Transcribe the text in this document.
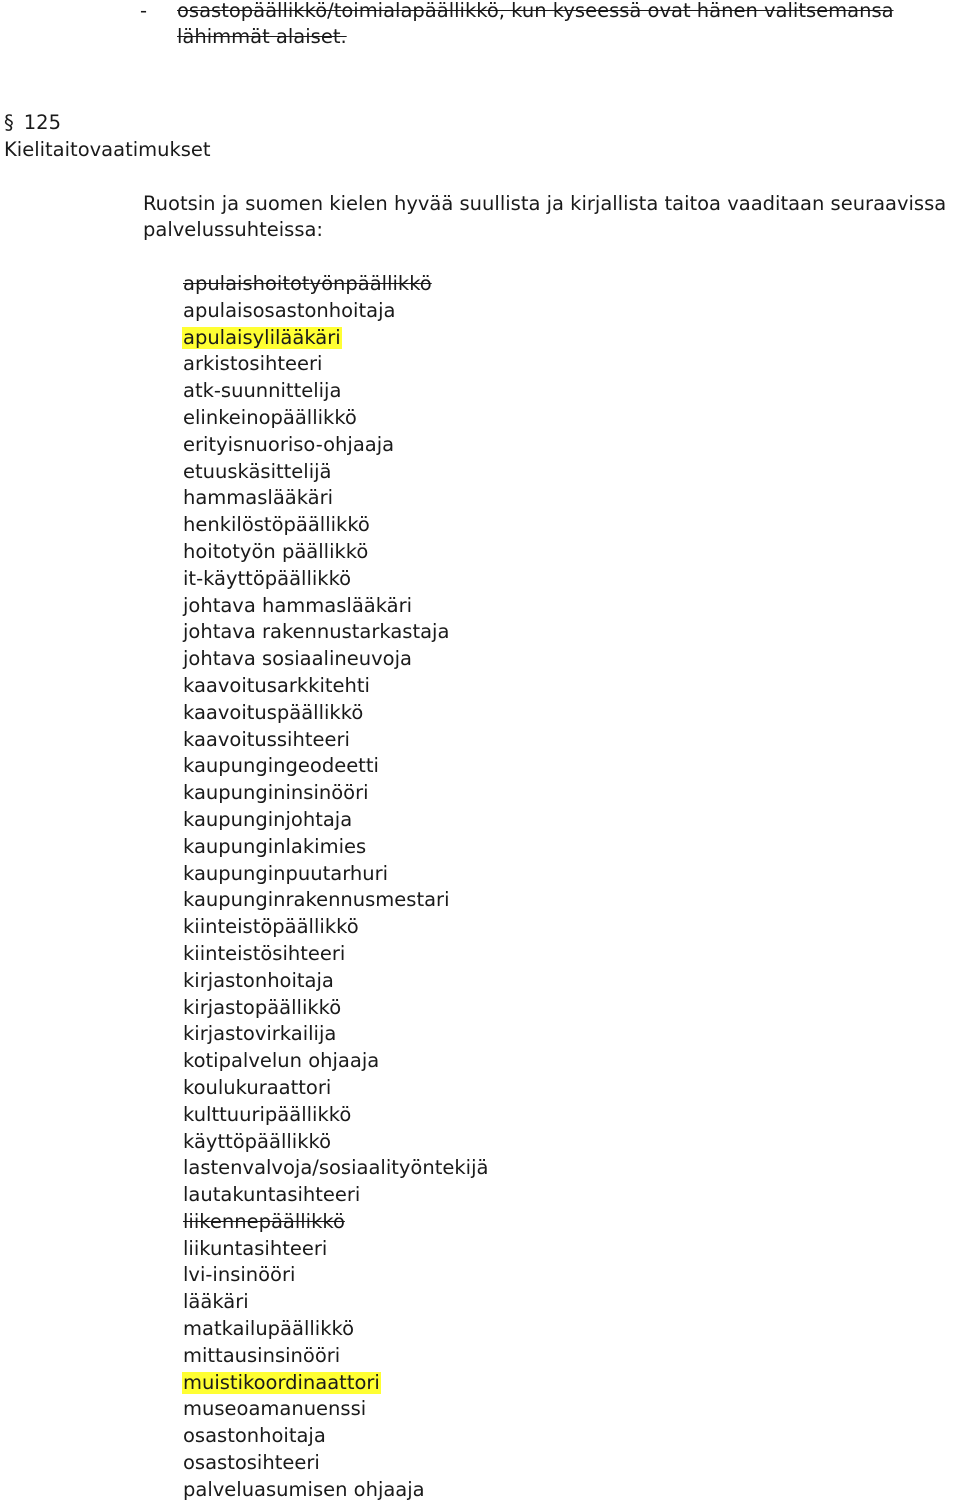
- osastopäällikkö/toimialapäällikkö, kun kyseessä ovat hänen valitsemansa lähimmät alaiset.
§ 125
Kielitaitovaatimukset
Ruotsin ja suomen kielen hyvää suullista ja kirjallista taitoa vaaditaan seuraavissa palvelussuhteissa:
apulaishoitotyönpäällikkö
apulaisosastonhoitaja
apulaisylilääkäri
arkistosihteeri
atk-suunnittelija
elinkeinopäällikkö
erityisnuoriso-ohjaaja
etuuskäsittelijä
hammaslääkäri
henkilöstöpäällikkö
hoitotyön päällikkö
it-käyttöpäällikkö
johtava hammaslääkäri
johtava rakennustarkastaja
johtava sosiaalineuvoja
kaavoitusarkkitehti
kaavoituspäällikkö
kaavoitussihteeri
kaupungingeodeetti
kaupungininsinööri
kaupunginjohtaja
kaupunginlakimies
kaupunginpuutarhuri
kaupunginrakennusmestari
kiinteistöpäällikkö
kiinteistösihteeri
kirjastonhoitaja
kirjastopäällikkö
kirjastovirkailija
kotipalvelun ohjaaja
koulukuraattori
kulttuuripäällikkö
käyttöpäällikkö
lastenvalvoja/sosiaalityöntekijä
lautakuntasihteeri
liikennepäällikkö
liikuntasihteeri
lvi-insinööri
lääkäri
matkailupäällikkö
mittausinsinööri
muistikoordinaattori
museoamanuenssi
osastonhoitaja
osastosihteeri
palveluasumisen ohjaaja
